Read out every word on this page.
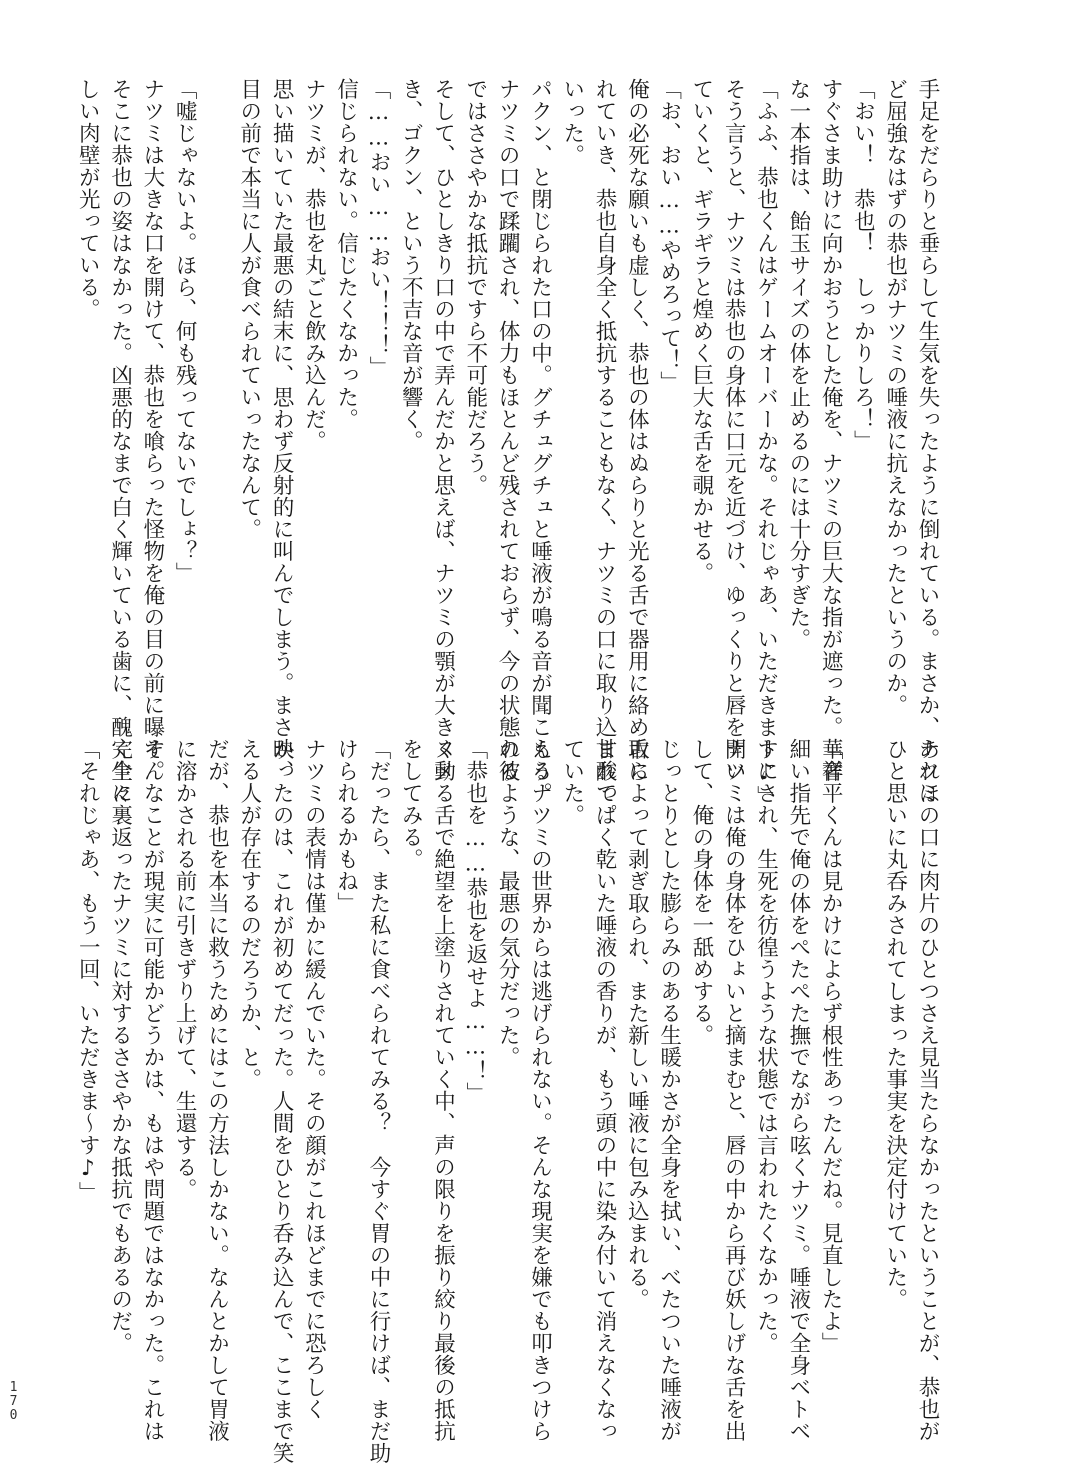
手足をだらりと垂らして生気を失ったように倒れている。まさか、あれほ
ど屈強なはずの恭也がナツミの唾液に抗えなかったというのか。
「おい！　恭也！　しっかりしろ！」
すぐさま助けに向かおうとした俺を、ナツミの巨大な指が遮った。華奢
な一本指は、飴玉サイズの体を止めるのには十分すぎた。
「ふふ、恭也くんはゲームオーバーかな。それじゃあ、いただきます♪」
そう言うと、ナツミは恭也の身体に口元を近づけ、ゆっくりと唇を開い
ていくと、ギラギラと煌めく巨大な舌を覗かせる。
「お、おい……やめろって！」
俺の必死な願いも虚しく、恭也の体はぬらりと光る舌で器用に絡め取ら
れていき、恭也自身全く抵抗することもなく、ナツミの口に取り込まれて
いった。
パクン、と閉じられた口の中。グチュグチュと唾液が鳴る音が聞こえる。
ナツミの口で蹂躙され、体力もほとんど残されておらず、今の状態の彼
ではささやかな抵抗ですら不可能だろう。
そして、ひとしきり口の中で弄んだかと思えば、ナツミの顎が大きく動
き、ゴクン、という不吉な音が響く。
「……おい……おい！！！」
信じられない。信じたくなかった。
ナツミが、恭也を丸ごと飲み込んだ。
思い描いていた最悪の結末に、思わず反射的に叫んでしまう。まさか、
目の前で本当に人が食べられていったなんて。

「嘘じゃないよ。ほら、何も残ってないでしょ？」
ナツミは大きな口を開けて、恭也を喰らった怪物を俺の目の前に曝す。
そこに恭也の姿はなかった。凶悪的なまで白く輝いている歯に、醜く生々
しい肉壁が光っている。
ナツミの口に肉片のひとつさえ見当たらなかったということが、恭也が
ひと思いに丸呑みされてしまった事実を決定付けていた。

「祥平くんは見かけによらず根性あったんだね。見直したよ」
細い指先で俺の体をぺたぺた撫でながら呟くナツミ。唾液で全身ベトベ
トにされ、生死を彷徨うような状態では言われたくなかった。
ナツミは俺の身体をひょいと摘まむと、唇の中から再び妖しげな舌を出
して、俺の身体を一舐めする。
じっとりとした膨らみのある生暖かさが全身を拭い、べたついた唾液が
舌によって剥ぎ取られ、また新しい唾液に包み込まれる。
甘酸っぱく乾いた唾液の香りが、もう頭の中に染み付いて消えなくなっ
ていた。
もうナツミの世界からは逃げられない。そんな現実を嫌でも叩きつけら
れるような、最悪の気分だった。
「恭也を……恭也を返せよ……！」
ヌメる舌で絶望を上塗りされていく中、声の限りを振り絞り最後の抵抗
をしてみる。
「だったら、また私に食べられてみる？　今すぐ胃の中に行けば、まだ助
けられるかもね」
ナツミの表情は僅かに緩んでいた。その顔がこれほどまでに恐ろしく
映ったのは、これが初めてだった。人間をひとり呑み込んで、ここまで笑
える人が存在するのだろうか、と。
だが、恭也を本当に救うためにはこの方法しかない。なんとかして胃液
に溶かされる前に引きずり上げて、生還する。
そんなことが現実に可能かどうかは、もはや問題ではなかった。これは
完全に裏返ったナツミに対するささやかな抵抗でもあるのだ。
「それじゃあ、もう一回、いただきま～す♪」
170
